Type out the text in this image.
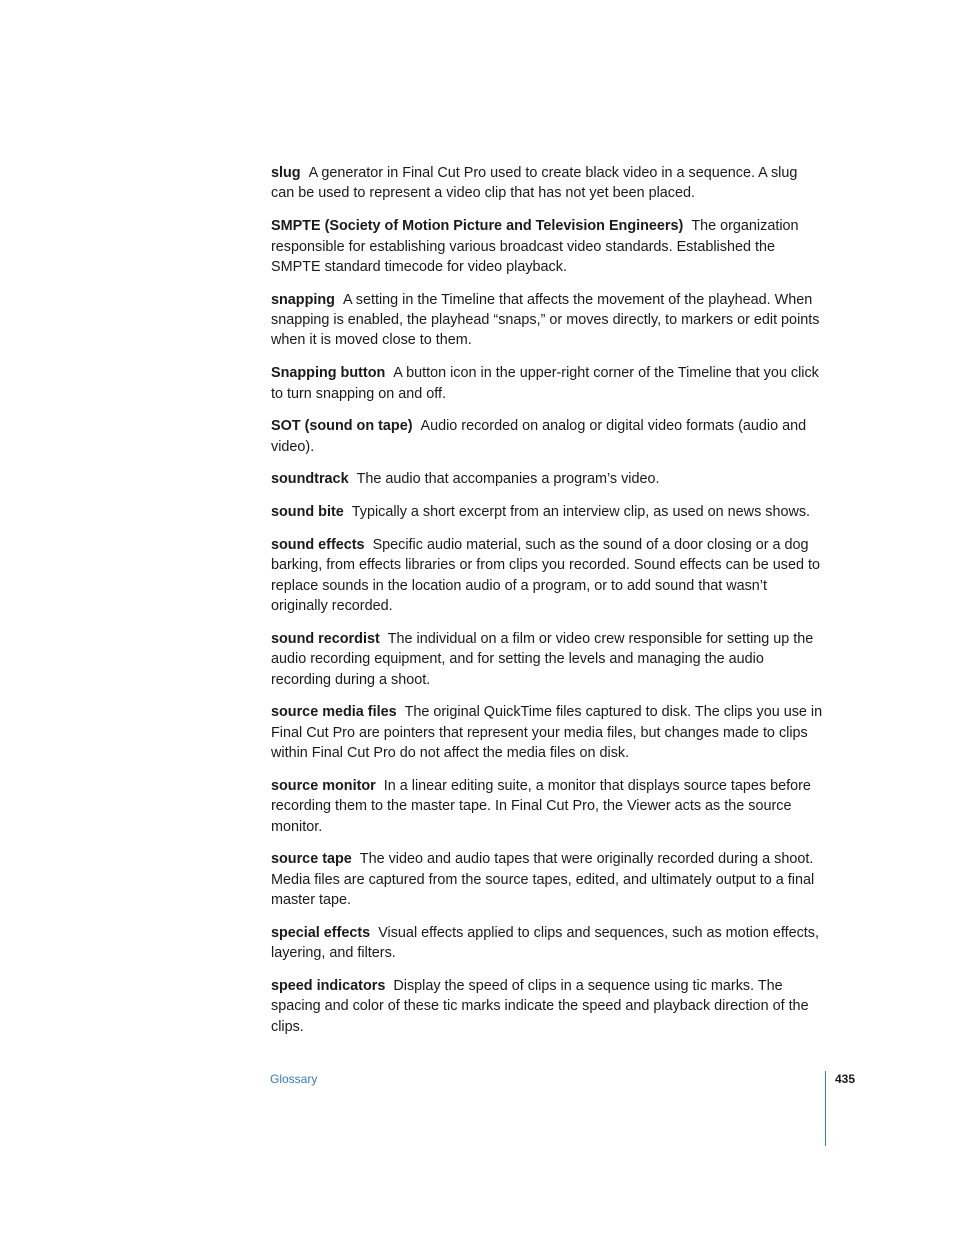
slug A generator in Final Cut Pro used to create black video in a sequence. A slug can be used to represent a video clip that has not yet been placed.

SMPTE (Society of Motion Picture and Television Engineers) The organization responsible for establishing various broadcast video standards. Established the SMPTE standard timecode for video playback.

snapping A setting in the Timeline that affects the movement of the playhead. When snapping is enabled, the playhead “snaps,” or moves directly, to markers or edit points when it is moved close to them.

Snapping button A button icon in the upper-right corner of the Timeline that you click to turn snapping on and off.

SOT (sound on tape) Audio recorded on analog or digital video formats (audio and video).

soundtrack The audio that accompanies a program’s video.

sound bite Typically a short excerpt from an interview clip, as used on news shows.

sound effects Specific audio material, such as the sound of a door closing or a dog barking, from effects libraries or from clips you recorded. Sound effects can be used to replace sounds in the location audio of a program, or to add sound that wasn’t originally recorded.

sound recordist The individual on a film or video crew responsible for setting up the audio recording equipment, and for setting the levels and managing the audio recording during a shoot.

source media files The original QuickTime files captured to disk. The clips you use in Final Cut Pro are pointers that represent your media files, but changes made to clips within Final Cut Pro do not affect the media files on disk.

source monitor In a linear editing suite, a monitor that displays source tapes before recording them to the master tape. In Final Cut Pro, the Viewer acts as the source monitor.

source tape The video and audio tapes that were originally recorded during a shoot. Media files are captured from the source tapes, edited, and ultimately output to a final master tape.

special effects Visual effects applied to clips and sequences, such as motion effects, layering, and filters.

speed indicators Display the speed of clips in a sequence using tic marks. The spacing and color of these tic marks indicate the speed and playback direction of the clips.

Glossary	435
